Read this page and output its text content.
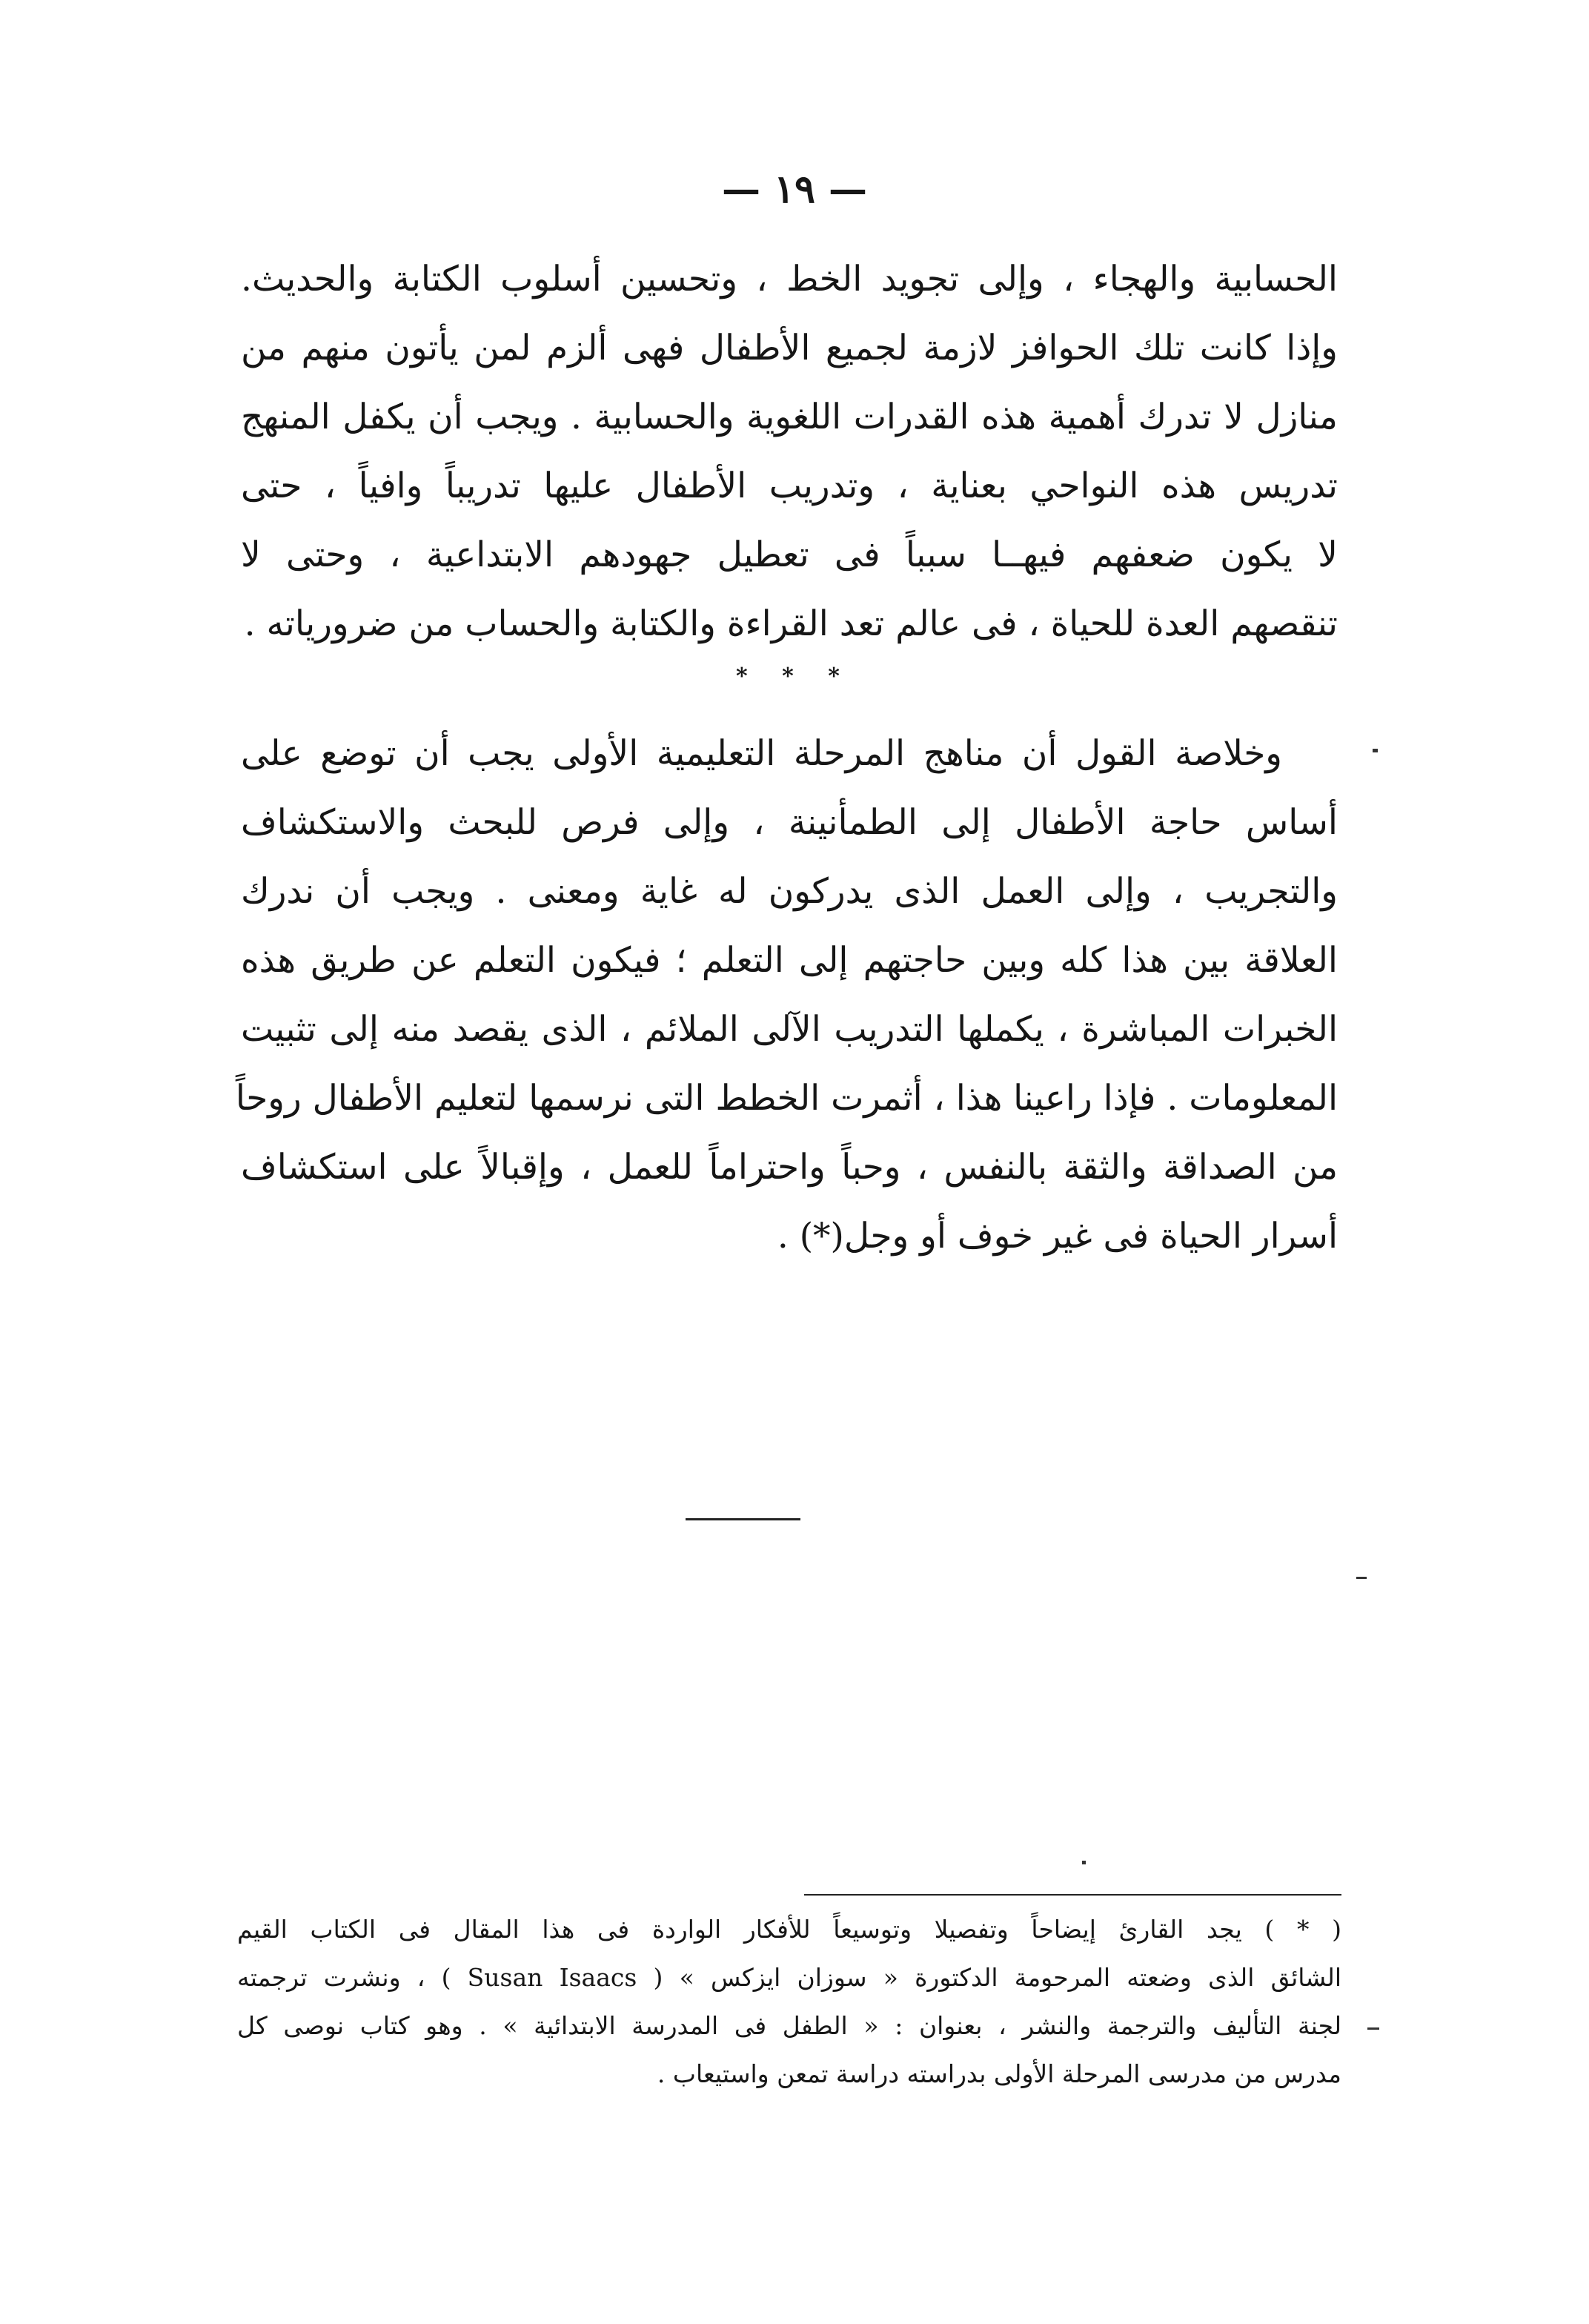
— ١٩ —
الحسابية والهجاء ، وإلى تجويد الخط ، وتحسين أسلوب الكتابة والحديث.
وإذا كانت تلك الحوافز لازمة لجميع الأطفال فهى ألزم لمن يأتون منهم من
منازل لا تدرك أهمية هذه القدرات اللغوية والحسابية . ويجب أن يكفل المنهج
تدريس هذه النواحي بعناية ، وتدريب الأطفال عليها تدريباً وافياً ، حتى
لا يكون ضعفهم فيهــا سبباً فى تعطيل جهودهم الابتداعية ، وحتى لا
تنقصهم العدة للحياة ، فى عالم تعد القراءة والكتابة والحساب من ضرورياته .
* * *
وخلاصة القول أن مناهج المرحلة التعليمية الأولى يجب أن توضع على
أساس حاجة الأطفال إلى الطمأنينة ، وإلى فرص للبحث والاستكشاف
والتجريب ، وإلى العمل الذى يدركون له غاية ومعنى . ويجب أن ندرك
العلاقة بين هذا كله وبين حاجتهم إلى التعلم ؛ فيكون التعلم عن طريق هذه
الخبرات المباشرة ، يكملها التدريب الآلى الملائم ، الذى يقصد منه إلى تثبيت
المعلومات . فإذا راعينا هذا ، أثمرت الخطط التى نرسمها لتعليم الأطفال روحاً
من الصداقة والثقة بالنفس ، وحباً واحتراماً للعمل ، وإقبالاً على استكشاف
أسرار الحياة فى غير خوف أو وجل(*) .
( * ) يجد القارئ إيضاحاً وتفصيلا وتوسيعاً للأفكار الواردة فى هذا المقال فى الكتاب القيم
الشائق الذى وضعته المرحومة الدكتورة « سوزان ايزكس » ( Susan Isaacs ) ، ونشرت ترجمته
لجنة التأليف والترجمة والنشر ، بعنوان : « الطفل فى المدرسة الابتدائية » . وهو كتاب نوصى كل
مدرس من مدرسى المرحلة الأولى بدراسته دراسة تمعن واستيعاب .
